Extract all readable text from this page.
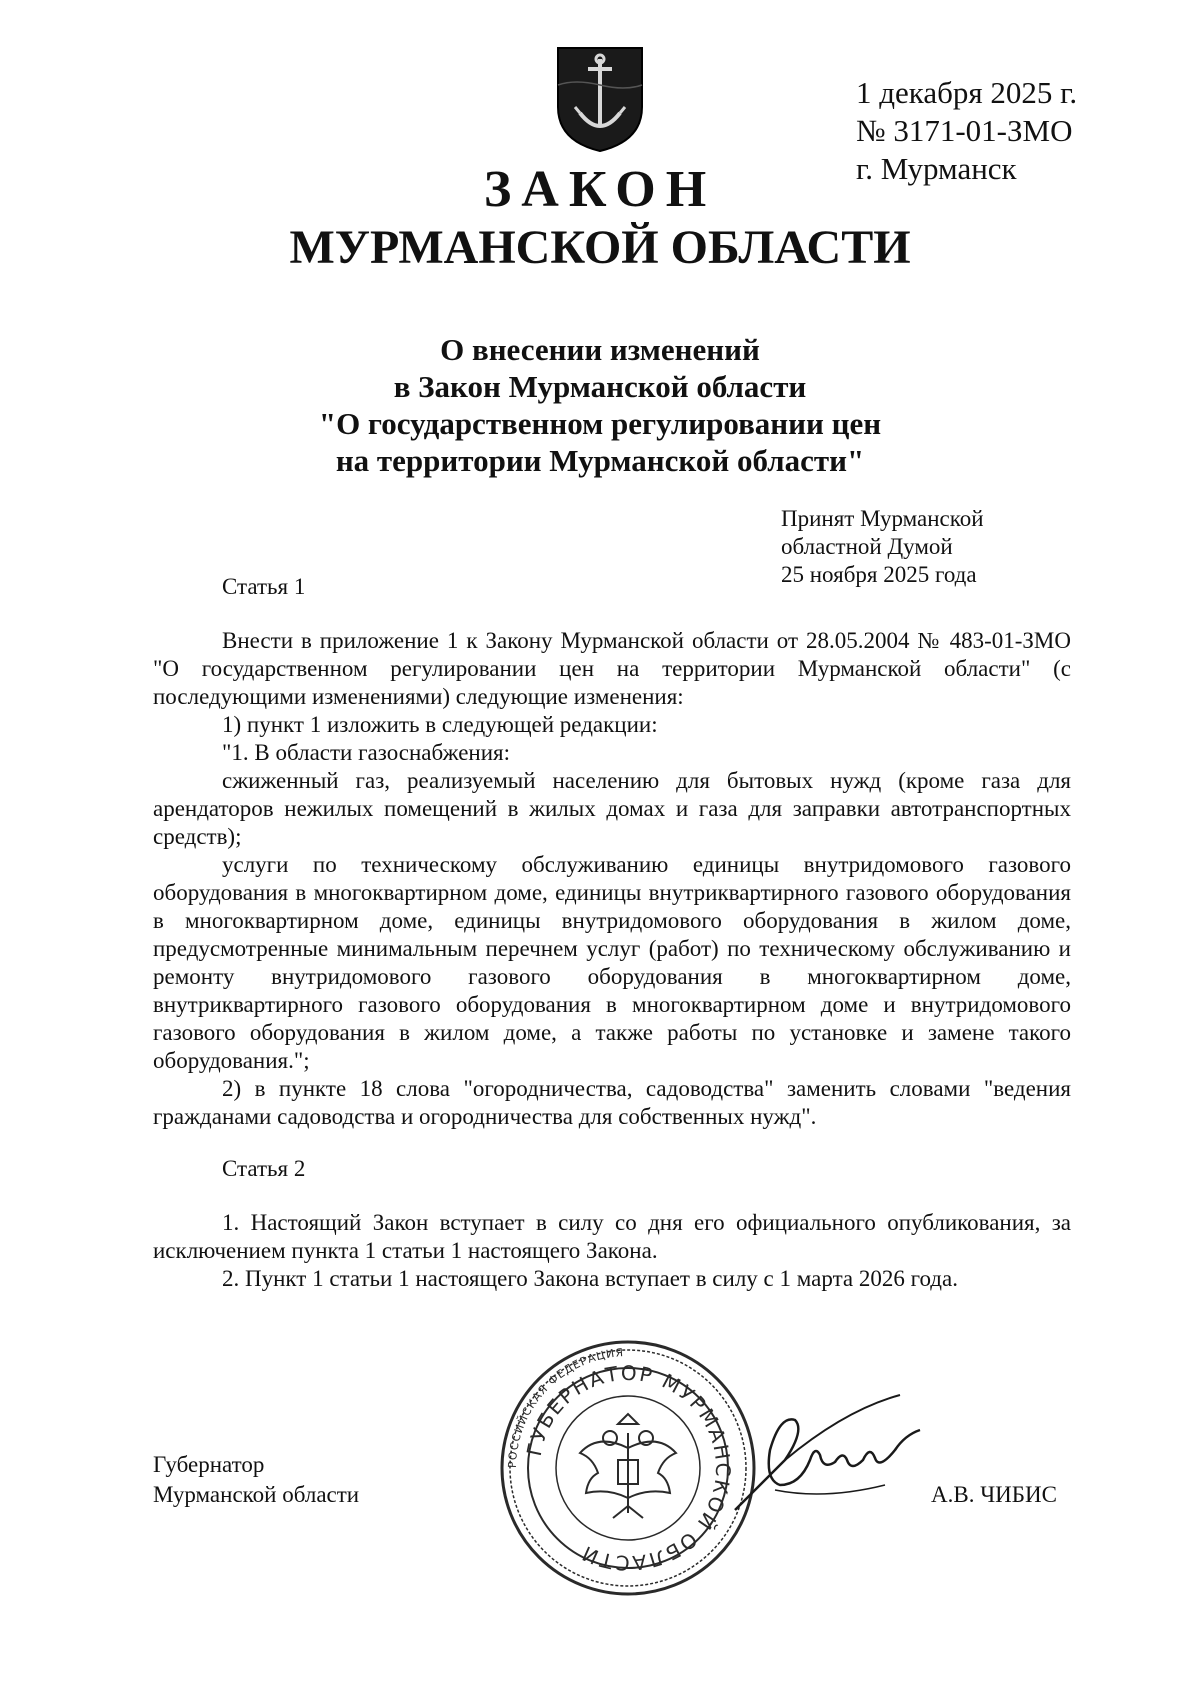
1 декабря 2025 г.
№ 3171-01-ЗМО
г. Мурманск
ЗАКОН
МУРМАНСКОЙ ОБЛАСТИ
О внесении изменений
в Закон Мурманской области
"О государственном регулировании цен
на территории Мурманской области"
Принят Мурманской
областной Думой
25 ноября 2025 года
Статья 1

Внести в приложение 1 к Закону Мурманской области от 28.05.2004 № 483-01-ЗМО "О государственном регулировании цен на территории Мурманской области" (с последующими изменениями) следующие изменения:

1) пункт 1 изложить в следующей редакции:

"1. В области газоснабжения:

сжиженный газ, реализуемый населению для бытовых нужд (кроме газа для арендаторов нежилых помещений в жилых домах и газа для заправки автотранспортных средств);

услуги по техническому обслуживанию единицы внутридомового газового оборудования в многоквартирном доме, единицы внутриквартирного газового оборудования в многоквартирном доме, единицы внутридомового оборудования в жилом доме, предусмотренные минимальным перечнем услуг (работ) по техническому обслуживанию и ремонту внутридомового газового оборудования в многоквартирном доме, внутриквартирного газового оборудования в многоквартирном доме и внутридомового газового оборудования в жилом доме, а также работы по установке и замене такого оборудования.";

2) в пункте 18 слова "огородничества, садоводства" заменить словами "ведения гражданами садоводства и огородничества для собственных нужд".

Статья 2

1. Настоящий Закон вступает в силу со дня его официального опубликования, за исключением пункта 1 статьи 1 настоящего Закона.

2. Пункт 1 статьи 1 настоящего Закона вступает в силу с 1 марта 2026 года.

Губернатор
Мурманской области
РОССИЙСКАЯ ФЕДЕРАЦИЯ
ГУБЕРНАТОР МУРМАНСКОЙ ОБЛАСТИ
А.В. ЧИБИС
